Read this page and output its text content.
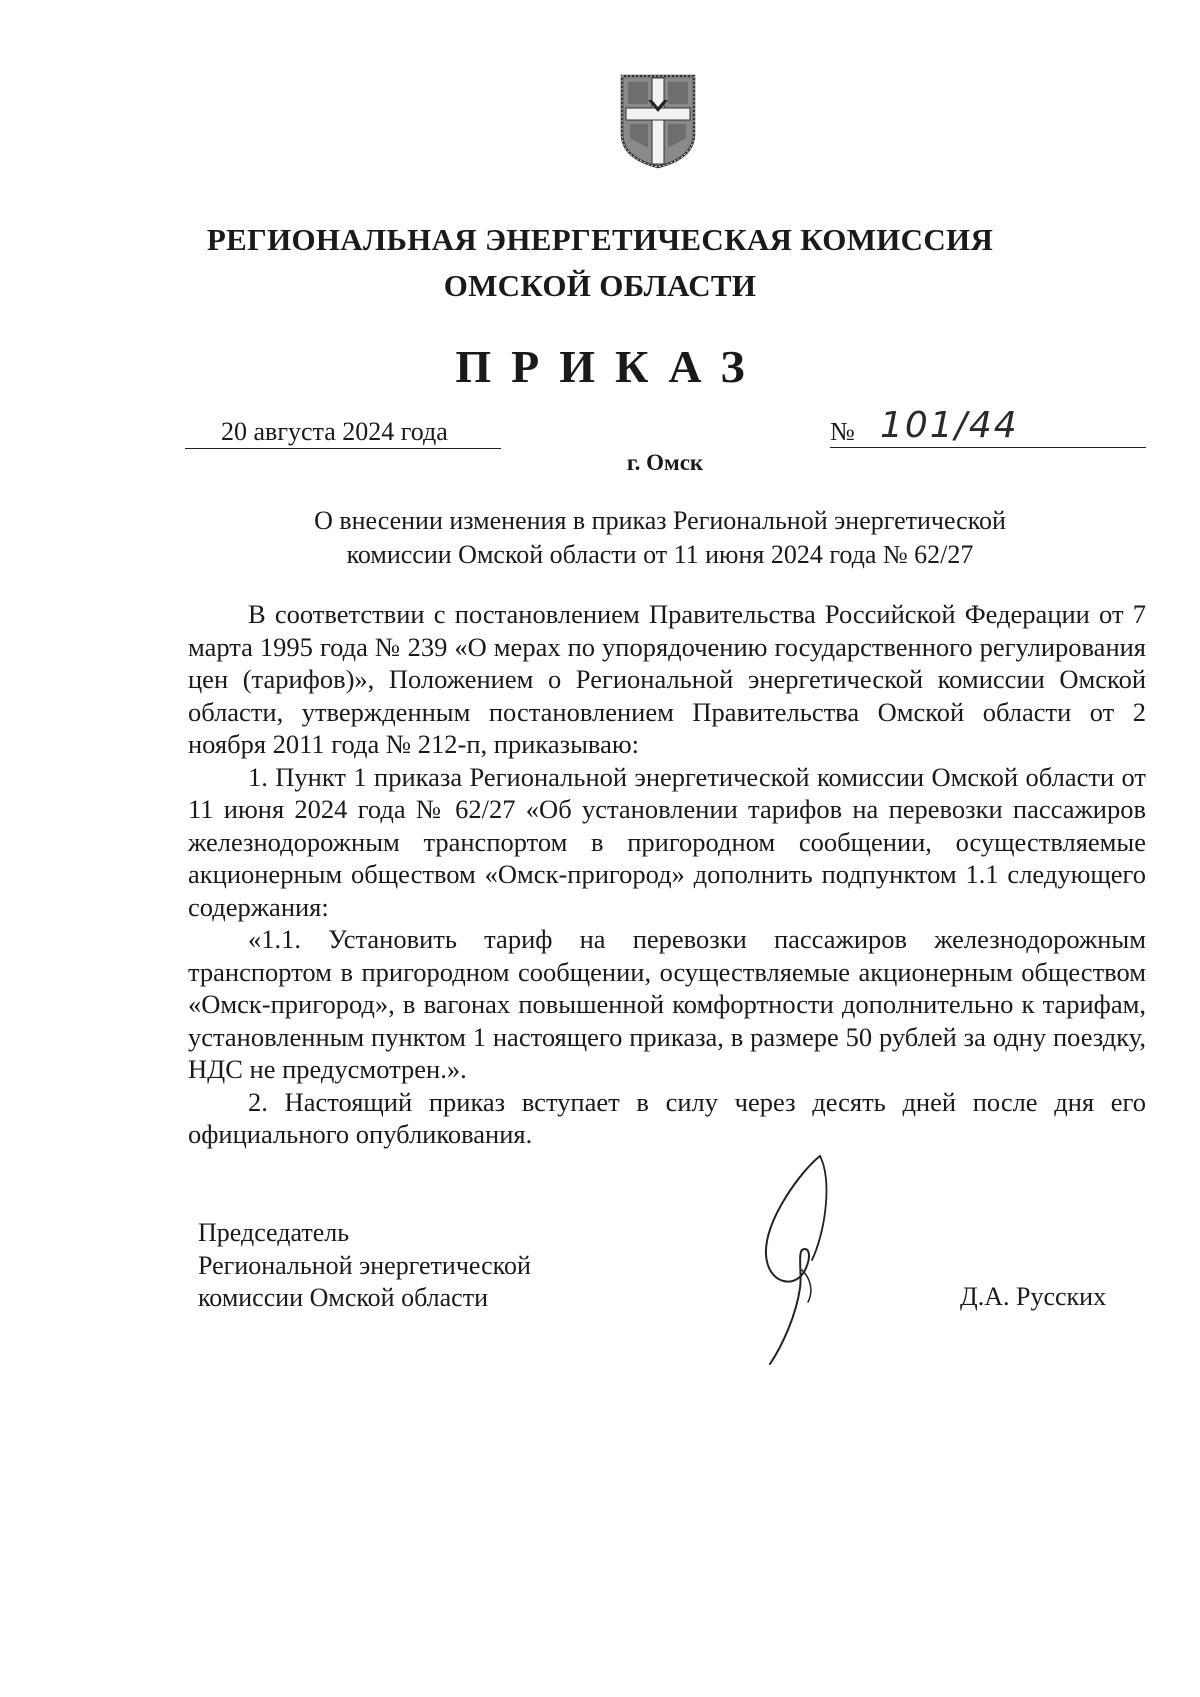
РЕГИОНАЛЬНАЯ ЭНЕРГЕТИЧЕСКАЯ КОМИССИЯ
ОМСКОЙ ОБЛАСТИ
ПРИКАЗ
20 августа 2024 года	№ 101/44
г. Омск
О внесении изменения в приказ Региональной энергетической
комиссии Омской области от 11 июня 2024 года № 62/27

В соответствии с постановлением Правительства Российской Федерации от 7 марта 1995 года № 239 «О мерах по упорядочению государственного регулирования цен (тарифов)», Положением о Региональной энергетической комиссии Омской области, утвержденным постановлением Правительства Омской области от 2 ноября 2011 года № 212-п, приказываю:

1. Пункт 1 приказа Региональной энергетической комиссии Омской области от 11 июня 2024 года № 62/27 «Об установлении тарифов на перевозки пассажиров железнодорожным транспортом в пригородном сообщении, осуществляемые акционерным обществом «Омск-пригород» дополнить подпунктом 1.1 следующего содержания:

«1.1. Установить тариф на перевозки пассажиров железнодорожным транспортом в пригородном сообщении, осуществляемые акционерным обществом «Омск-пригород», в вагонах повышенной комфортности дополнительно к тарифам, установленным пунктом 1 настоящего приказа, в размере 50 рублей за одну поездку, НДС не предусмотрен.».

2. Настоящий приказ вступает в силу через десять дней после дня его официального опубликования.

Председатель
Региональной энергетической
комиссии Омской области	Д.А. Русских
